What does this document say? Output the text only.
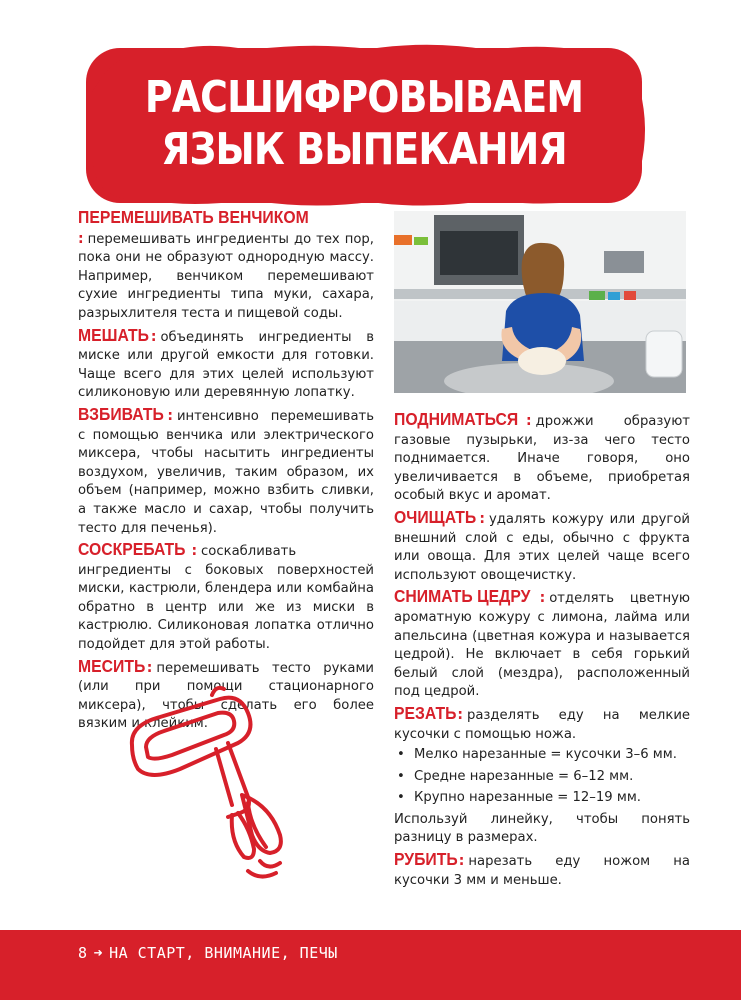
РАСШИФРОВЫВАЕМ
ЯЗЫК ВЫПЕКАНИЯ

ПЕРЕМЕШИВАТЬ ВЕНЧИКОМ: перемешивать ингредиенты до тех пор, пока они не образуют однородную массу. Например, венчиком перемешивают сухие ингредиенты типа муки, сахара, разрыхлителя теста и пищевой соды.

МЕШАТЬ : объединять ингредиенты в миске или другой емкости для готовки. Чаще всего для этих целей используют силиконовую или деревянную лопатку.

ВЗБИВАТЬ : интенсивно перемешивать с помощью венчика или электрического миксера, чтобы насытить ингредиенты воздухом, увеличив, таким образом, их объем (например, можно взбить сливки, а также масло и сахар, чтобы получить тесто для печенья).

СОСКРЕБАТЬ : соскабливать ингредиенты с боковых поверхностей миски, кастрюли, блендера или комбайна обратно в центр или же из миски в кастрюлю. Силиконовая лопатка отлично подойдет для этой работы.

МЕСИТЬ: перемешивать тесто руками (или при помощи стационарного миксера), чтобы сделать его более вязким и клейким.

ПОДНИМАТЬСЯ : дрожжи образуют газовые пузырьки, из-за чего тесто поднимается. Иначе говоря, оно увеличивается в объеме, приобретая особый вкус и аромат.

ОЧИЩАТЬ : удалять кожуру или другой внешний слой с еды, обычно с фрукта или овоща. Для этих целей чаще всего используют овощечистку.

СНИМАТЬ ЦЕДРУ : отделять цветную ароматную кожуру с лимона, лайма или апельсина (цветная кожура и называется цедрой). Не включает в себя горький белый слой (мездра), расположенный под цедрой.

РЕЗАТЬ: разделять еду на мелкие кусочки с помощью ножа.

• Мелко нарезанные = кусочки 3–6 мм.
• Средне нарезанные = 6–12 мм.
• Крупно нарезанные = 12–19 мм.

Используй линейку, чтобы понять разницу в размерах.

РУБИТЬ: нарезать еду ножом на кусочки 3 мм и меньше.

8 ➜ НА СТАРТ, ВНИМАНИЕ, ПЕЧЫ
